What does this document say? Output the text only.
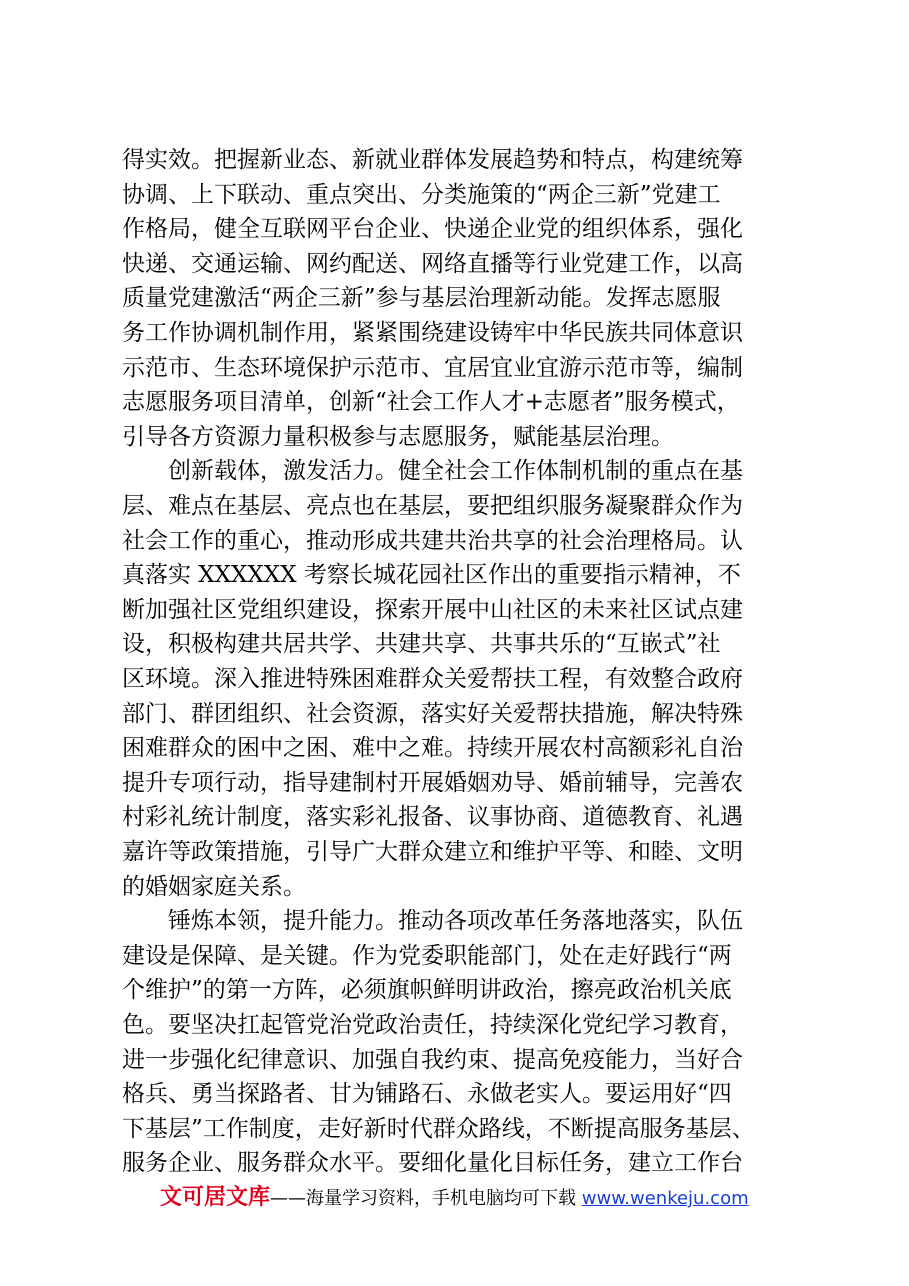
得实效。把握新业态、新就业群体发展趋势和特点，构建统筹
协调、上下联动、重点突出、分类施策的“两企三新”党建工
作格局，健全互联网平台企业、快递企业党的组织体系，强化
快递、交通运输、网约配送、网络直播等行业党建工作，以高
质量党建激活“两企三新”参与基层治理新动能。发挥志愿服
务工作协调机制作用，紧紧围绕建设铸牢中华民族共同体意识
示范市、生态环境保护示范市、宜居宜业宜游示范市等，编制
志愿服务项目清单，创新“社会工作人才+志愿者”服务模式，
引导各方资源力量积极参与志愿服务，赋能基层治理。
　　创新载体，激发活力。健全社会工作体制机制的重点在基
层、难点在基层、亮点也在基层，要把组织服务凝聚群众作为
社会工作的重心，推动形成共建共治共享的社会治理格局。认
真落实 XXXXXX 考察长城花园社区作出的重要指示精神，不
断加强社区党组织建设，探索开展中山社区的未来社区试点建
设，积极构建共居共学、共建共享、共事共乐的“互嵌式”社
区环境。深入推进特殊困难群众关爱帮扶工程，有效整合政府
部门、群团组织、社会资源，落实好关爱帮扶措施，解决特殊
困难群众的困中之困、难中之难。持续开展农村高额彩礼自治
提升专项行动，指导建制村开展婚姻劝导、婚前辅导，完善农
村彩礼统计制度，落实彩礼报备、议事协商、道德教育、礼遇
嘉许等政策措施，引导广大群众建立和维护平等、和睦、文明
的婚姻家庭关系。
　　锤炼本领，提升能力。推动各项改革任务落地落实，队伍
建设是保障、是关键。作为党委职能部门，处在走好践行“两
个维护”的第一方阵，必须旗帜鲜明讲政治，擦亮政治机关底
色。要坚决扛起管党治党政治责任，持续深化党纪学习教育，
进一步强化纪律意识、加强自我约束、提高免疫能力，当好合
格兵、勇当探路者、甘为铺路石、永做老实人。要运用好“四
下基层”工作制度，走好新时代群众路线，不断提高服务基层、
服务企业、服务群众水平。要细化量化目标任务，建立工作台
文可居文库——海量学习资料，手机电脑均可下载 www.wenkeju.com
